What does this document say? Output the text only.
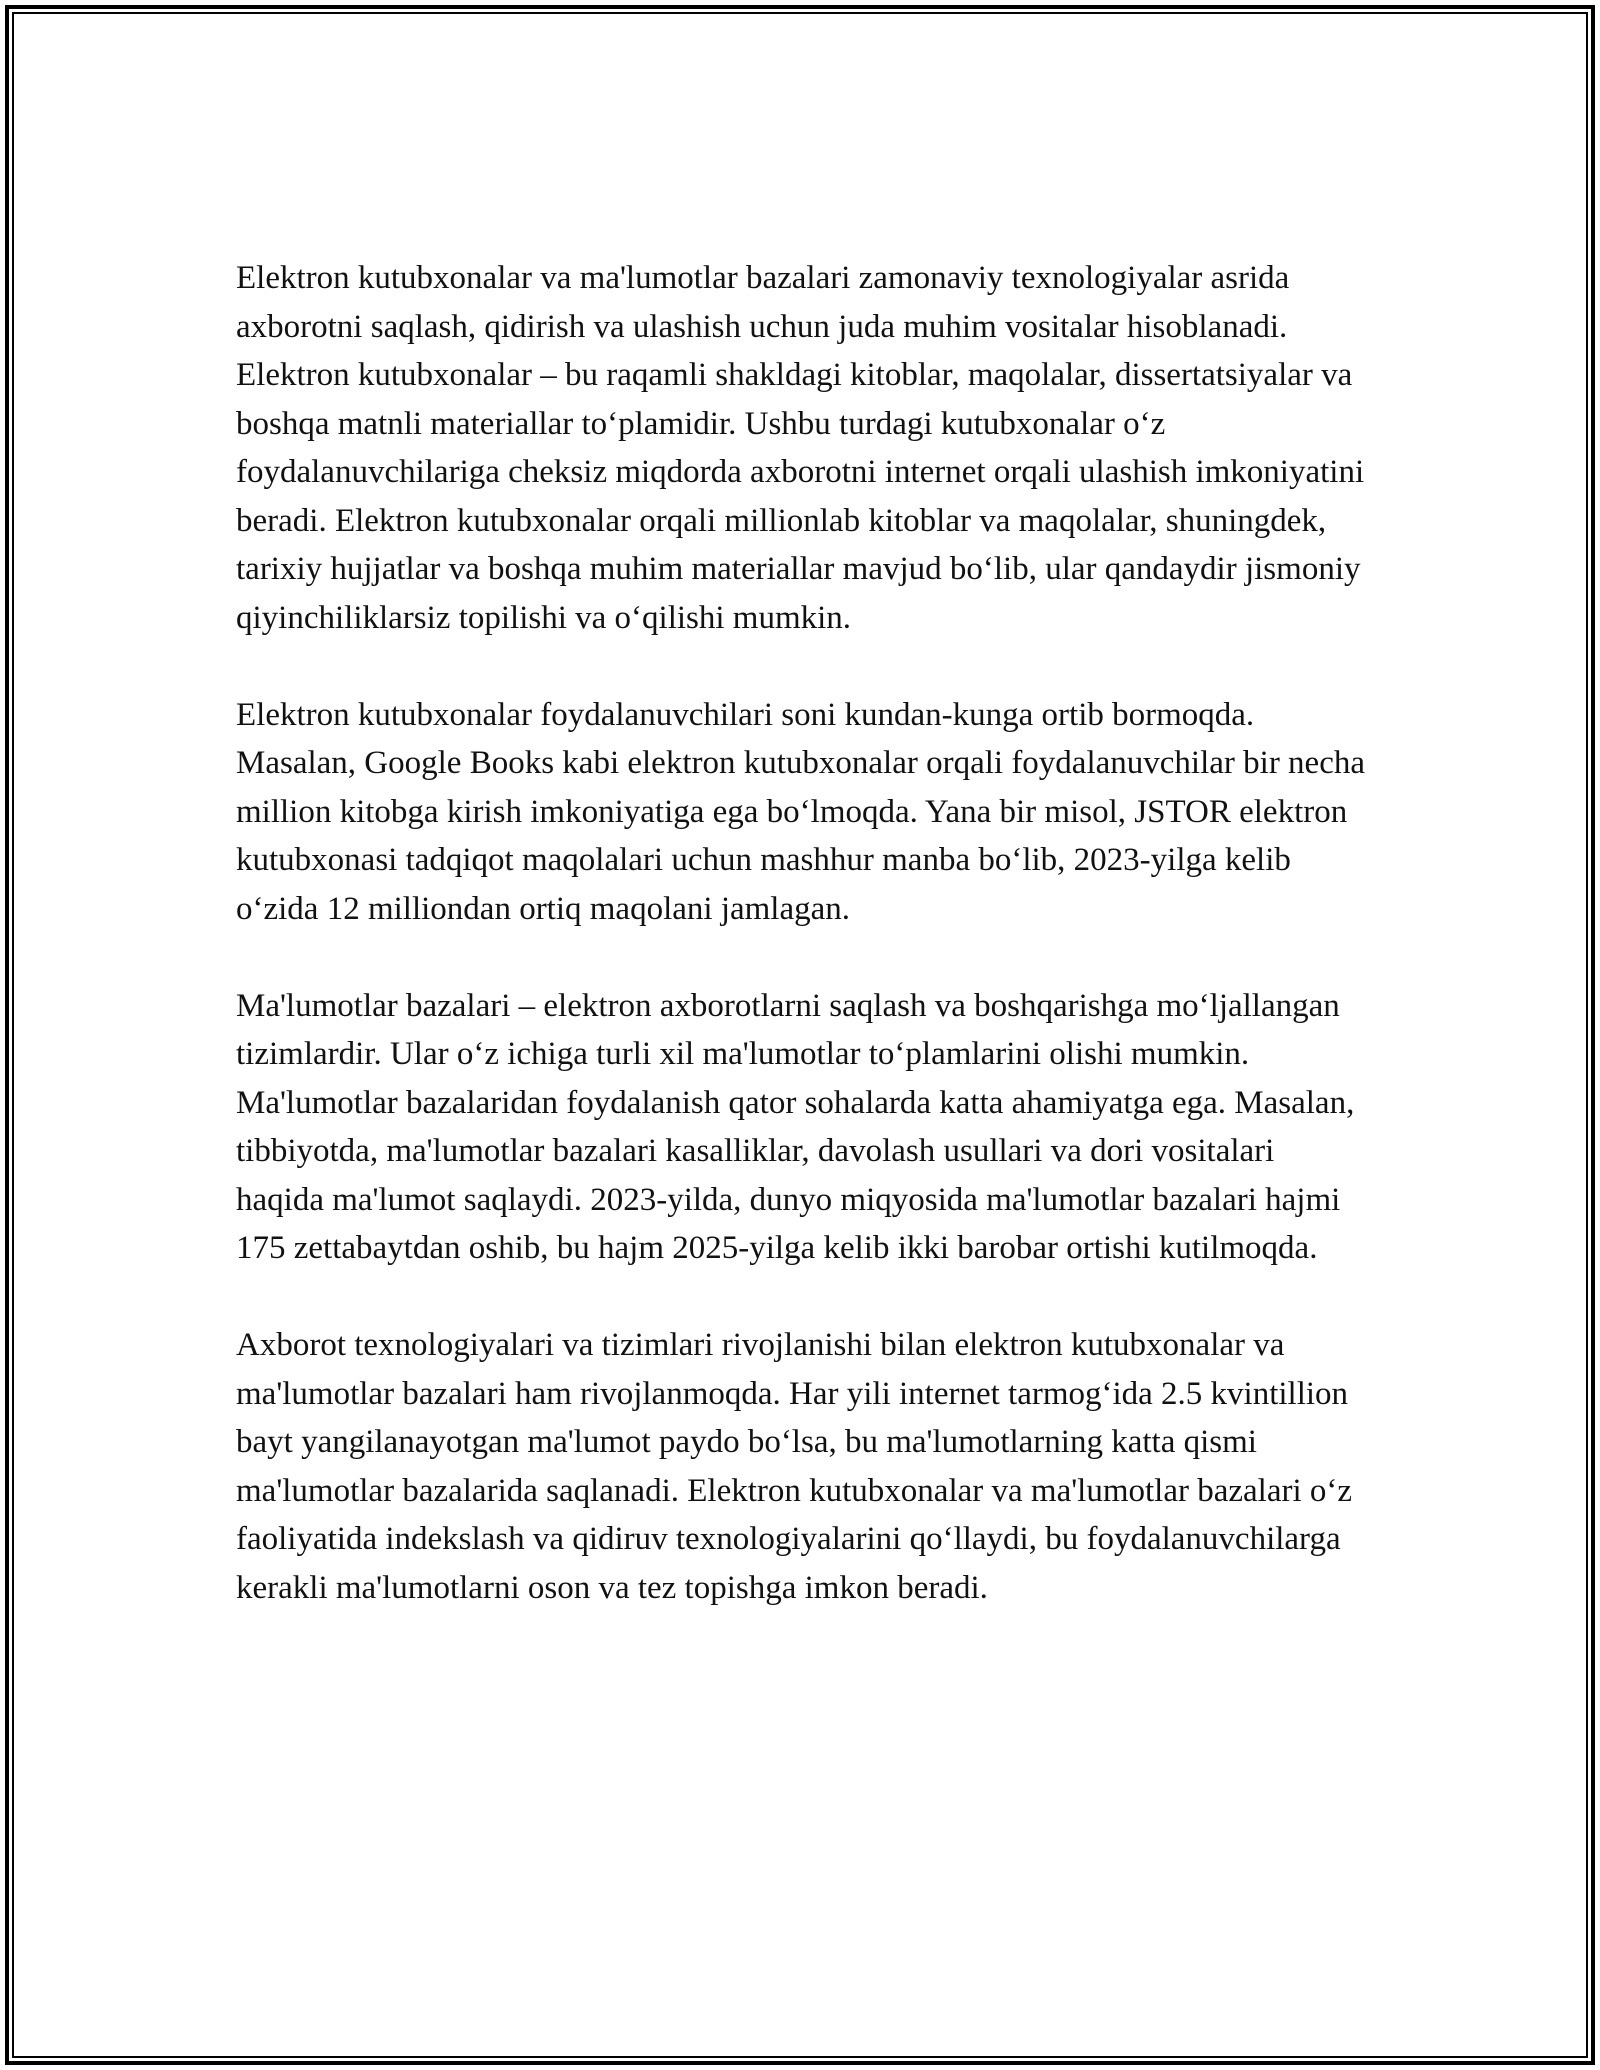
Elektron kutubxonalar va ma'lumotlar bazalari zamonaviy texnologiyalar asrida axborotni saqlash, qidirish va ulashish uchun juda muhim vositalar hisoblanadi. Elektron kutubxonalar – bu raqamli shakldagi kitoblar, maqolalar, dissertatsiyalar va boshqa matnli materiallar toʻplamidir. Ushbu turdagi kutubxonalar oʻz foydalanuvchilariga cheksiz miqdorda axborotni internet orqali ulashish imkoniyatini beradi. Elektron kutubxonalar orqali millionlab kitoblar va maqolalar, shuningdek, tarixiy hujjatlar va boshqa muhim materiallar mavjud boʻlib, ular qandaydir jismoniy qiyinchiliklarsiz topilishi va oʻqilishi mumkin.

Elektron kutubxonalar foydalanuvchilari soni kundan-kunga ortib bormoqda. Masalan, Google Books kabi elektron kutubxonalar orqali foydalanuvchilar bir necha million kitobga kirish imkoniyatiga ega boʻlmoqda. Yana bir misol, JSTOR elektron kutubxonasi tadqiqot maqolalari uchun mashhur manba boʻlib, 2023-yilga kelib oʻzida 12 milliondan ortiq maqolani jamlagan.

Ma'lumotlar bazalari – elektron axborotlarni saqlash va boshqarishga moʻljallangan tizimlardir. Ular oʻz ichiga turli xil ma'lumotlar toʻplamlarini olishi mumkin. Ma'lumotlar bazalaridan foydalanish qator sohalarda katta ahamiyatga ega. Masalan, tibbiyotda, ma'lumotlar bazalari kasalliklar, davolash usullari va dori vositalari haqida ma'lumot saqlaydi. 2023-yilda, dunyo miqyosida ma'lumotlar bazalari hajmi 175 zettabaytdan oshib, bu hajm 2025-yilga kelib ikki barobar ortishi kutilmoqda.

Axborot texnologiyalari va tizimlari rivojlanishi bilan elektron kutubxonalar va ma'lumotlar bazalari ham rivojlanmoqda. Har yili internet tarmogʻida 2.5 kvintillion bayt yangilanayotgan ma'lumot paydo boʻlsa, bu ma'lumotlarning katta qismi ma'lumotlar bazalarida saqlanadi. Elektron kutubxonalar va ma'lumotlar bazalari oʻz faoliyatida indekslash va qidiruv texnologiyalarini qoʻllaydi, bu foydalanuvchilarga kerakli ma'lumotlarni oson va tez topishga imkon beradi.
